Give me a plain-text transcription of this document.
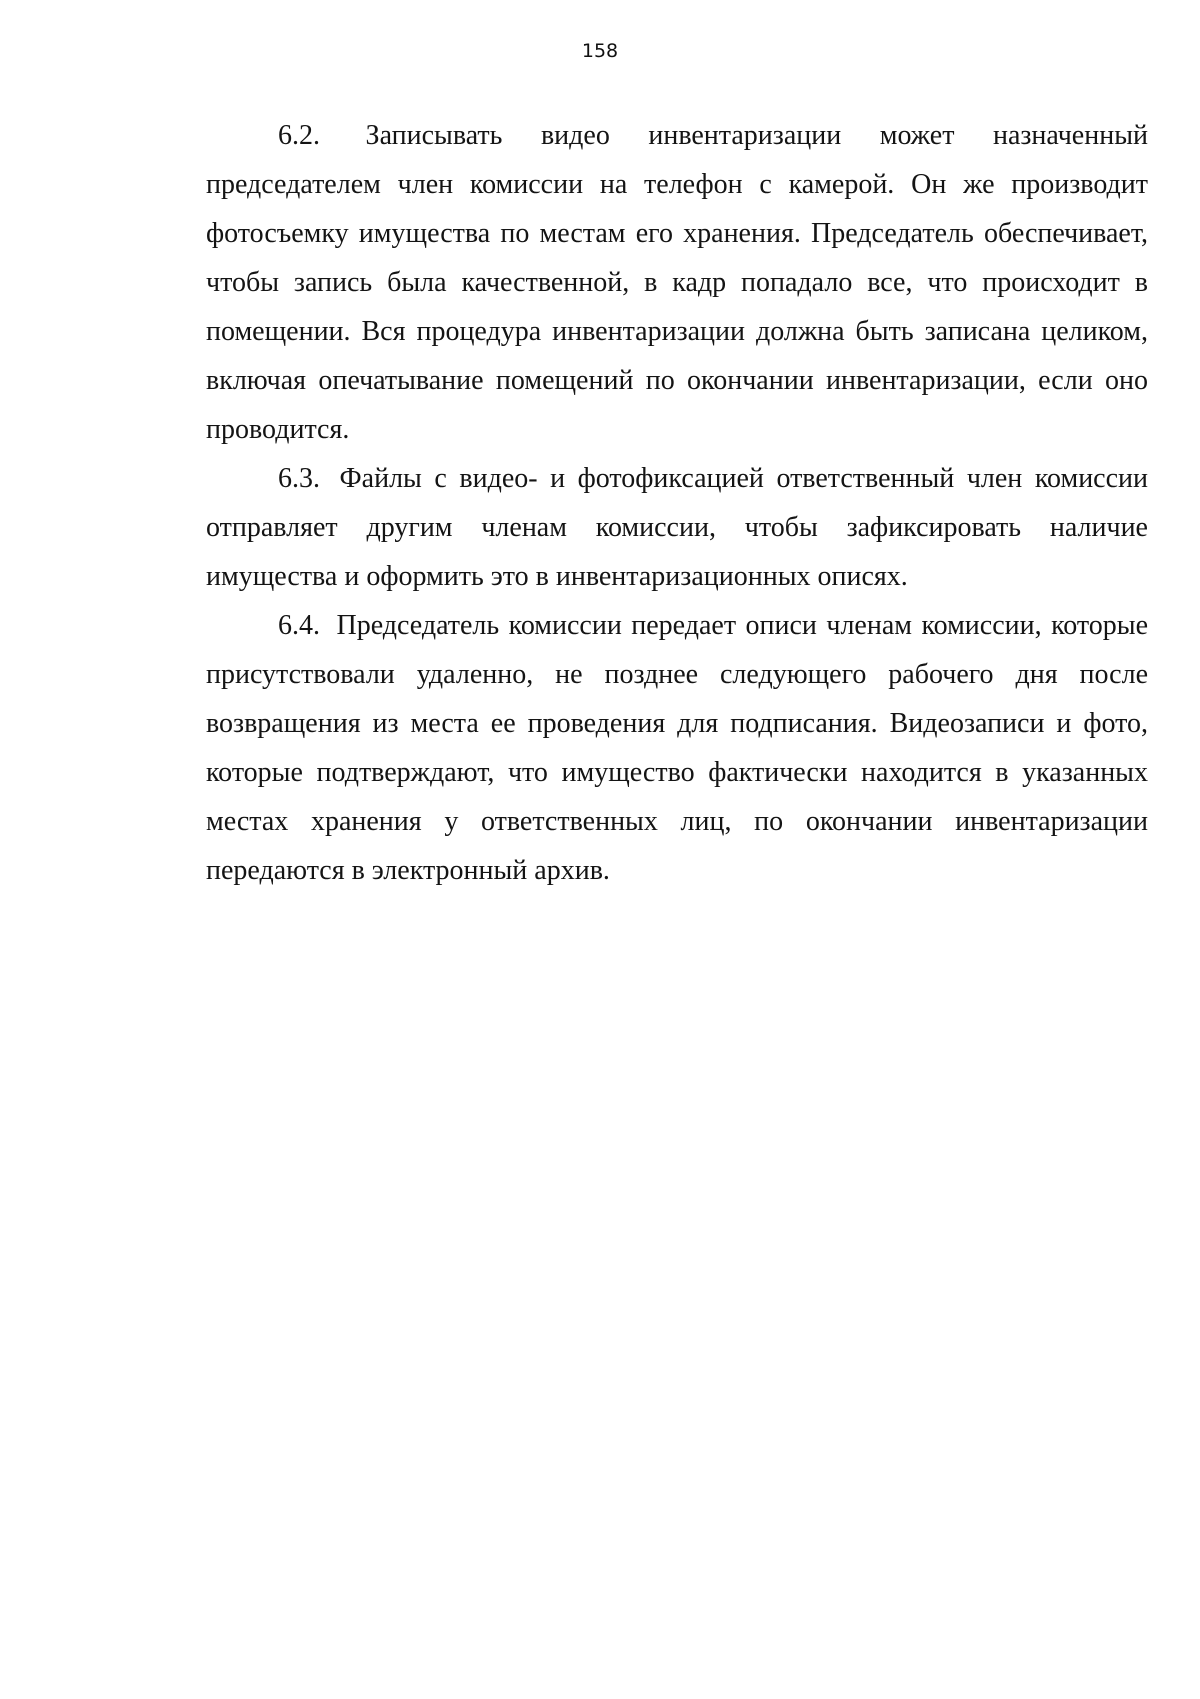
158

6.2. Записывать видео инвентаризации может назначенный председателем член комиссии на телефон с камерой. Он же производит фотосъемку имущества по местам его хранения. Председатель обеспечивает, чтобы запись была качественной, в кадр попадало все, что происходит в помещении. Вся процедура инвентаризации должна быть записана целиком, включая опечатывание помещений по окончании инвентаризации, если оно проводится.

6.3. Файлы с видео- и фотофиксацией ответственный член комиссии отправляет другим членам комиссии, чтобы зафиксировать наличие имущества и оформить это в инвентаризационных описях.

6.4. Председатель комиссии передает описи членам комиссии, которые присутствовали удаленно, не позднее следующего рабочего дня после возвращения из места ее проведения для подписания. Видеозаписи и фото, которые подтверждают, что имущество фактически находится в указанных местах хранения у ответственных лиц, по окончании инвентаризации передаются в электронный архив.
